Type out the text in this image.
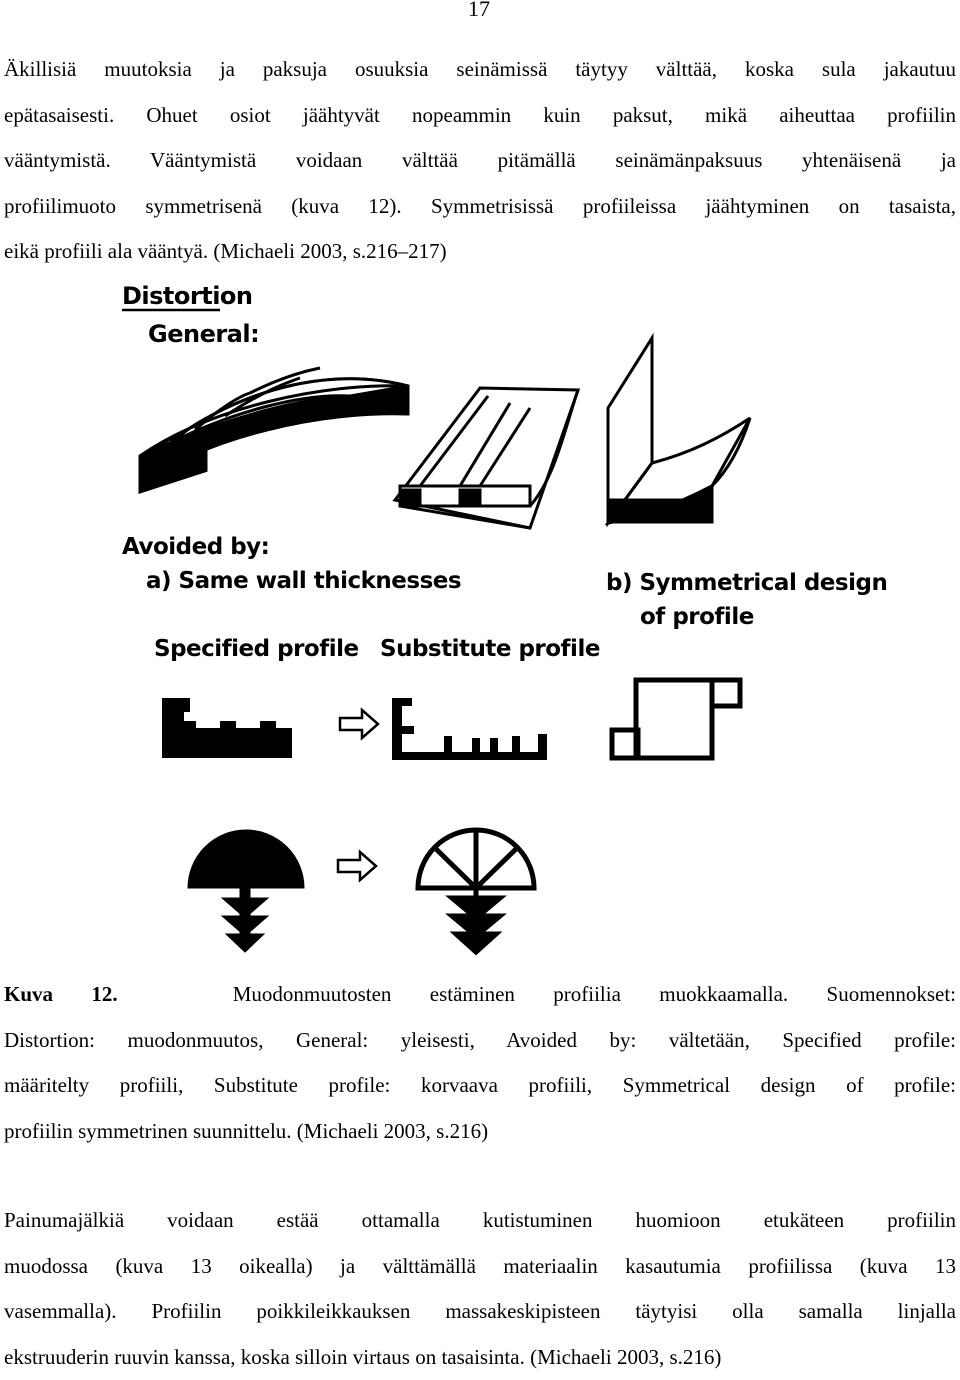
17
Äkillisiä muutoksia ja paksuja osuuksia seinämissä täytyy välttää, koska sula jakautuu
epätasaisesti. Ohuet osiot jäähtyvät nopeammin kuin paksut, mikä aiheuttaa profiilin
vääntymistä. Vääntymistä voidaan välttää pitämällä seinämänpaksuus yhtenäisenä ja
profiilimuoto symmetrisenä (kuva 12). Symmetrisissä profiileissa jäähtyminen on tasaista,
eikä profiili ala vääntyä. (Michaeli 2003, s.216–217)
Distortion
General:
Avoided by:
a) Same wall thicknesses	b) Symmetrical design
of profile
Specified profile Substitute profile
Kuva 12.	Muodonmuutosten estäminen profiilia muokkaamalla. Suomennokset:
Distortion: muodonmuutos, General: yleisesti, Avoided by: vältetään, Specified profile:
määritelty profiili, Substitute profile: korvaava profiili, Symmetrical design of profile:
profiilin symmetrinen suunnittelu. (Michaeli 2003, s.216)
Painumajälkiä voidaan estää ottamalla kutistuminen huomioon etukäteen profiilin
muodossa (kuva 13 oikealla) ja välttämällä materiaalin kasautumia profiilissa (kuva 13
vasemmalla). Profiilin poikkileikkauksen massakeskipisteen täytyisi olla samalla linjalla
ekstruuderin ruuvin kanssa, koska silloin virtaus on tasaisinta. (Michaeli 2003, s.216)
